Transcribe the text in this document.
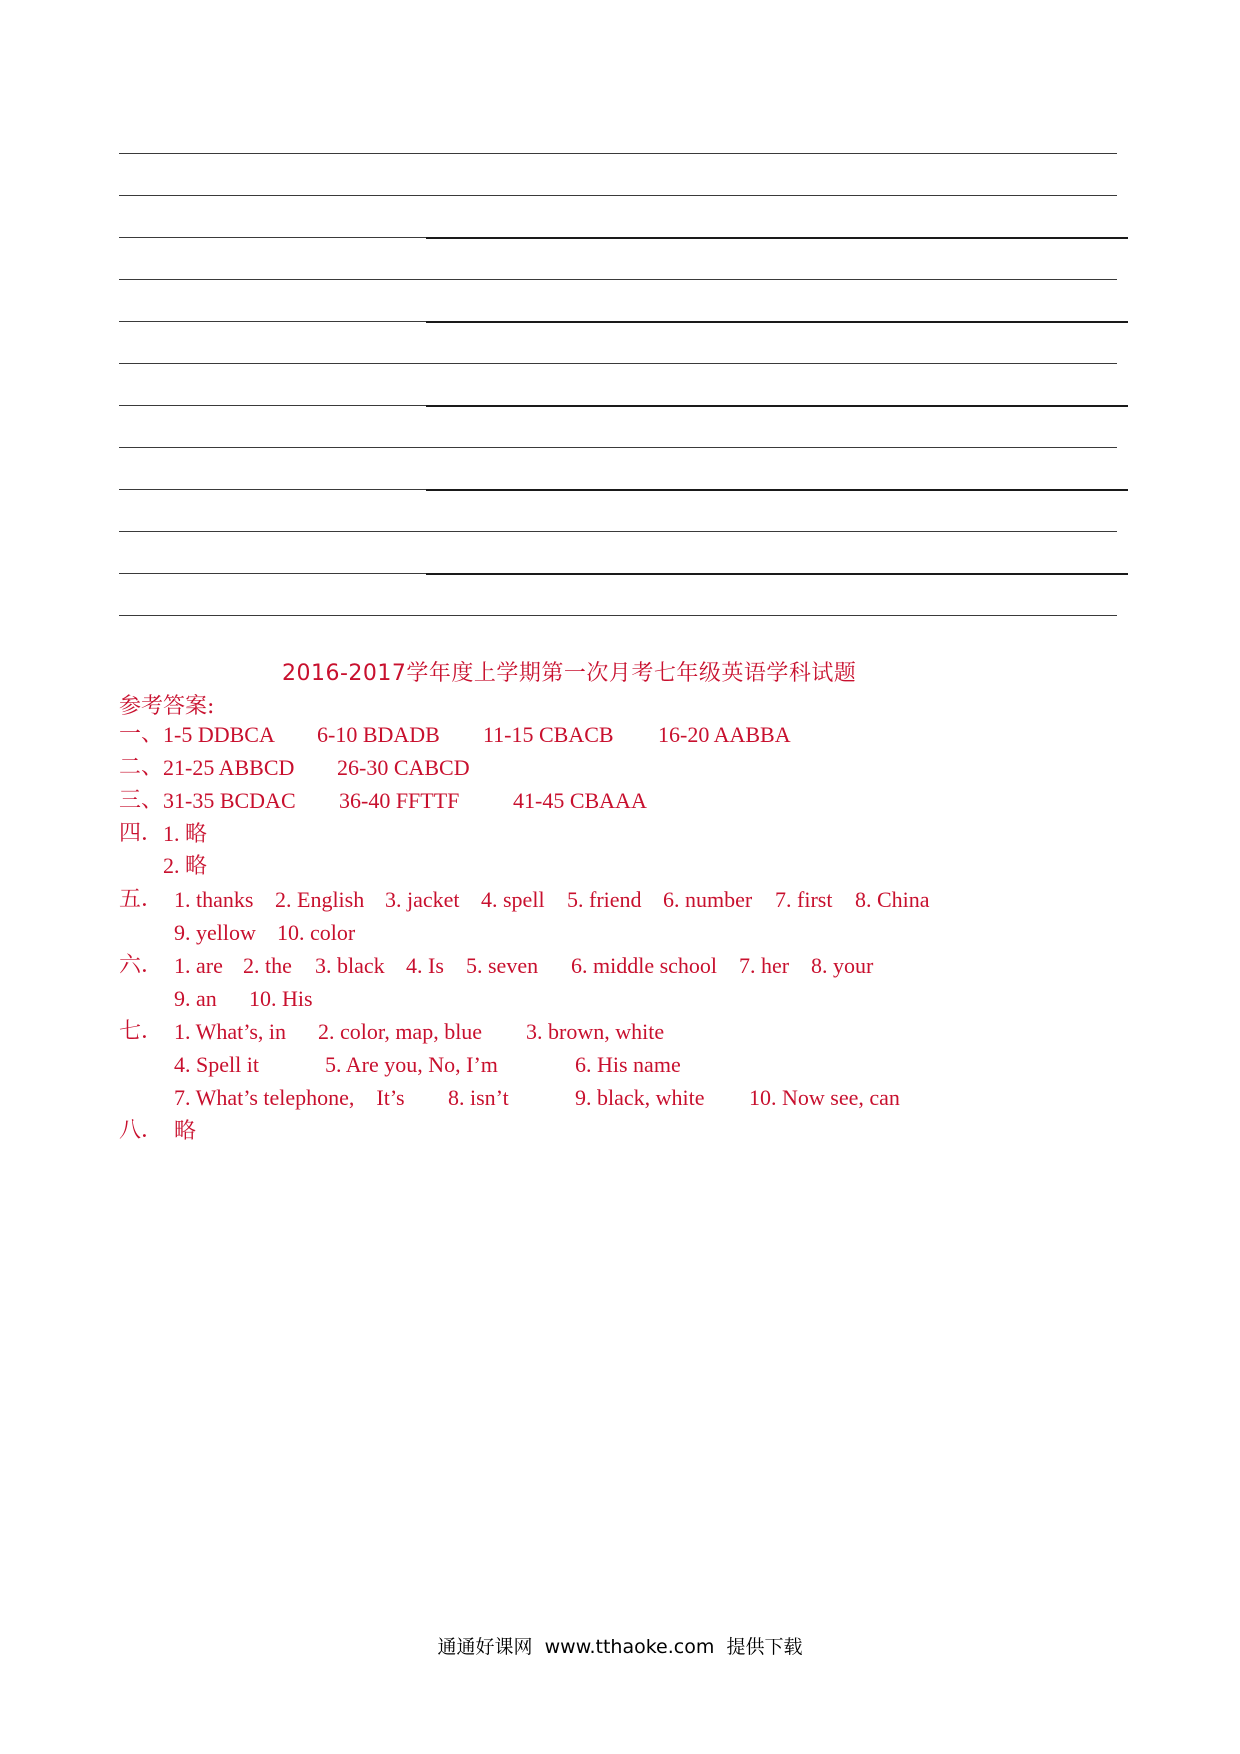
2016-2017学年度上学期第一次月考七年级英语学科试题
参考答案:
一、 1-5 DDBCA 6-10 BDADB 11-15 CBACB 16-20 AABBA
二、 21-25 ABBCD 26-30 CABCD
三、 31-35 BCDAC 36-40 FFTTF 41-45 CBAAA
四． 1. 略
2. 略
五． 1. thanks 2. English 3. jacket 4. spell 5. friend 6. number 7. first 8. China
9. yellow 10. color
六． 1. are 2. the 3. black 4. Is 5. seven 6. middle school 7. her 8. your
9. an 10. His
七． 1. What’s, in 2. color, map, blue 3. brown, white
4. Spell it	5. Are you, No, I’m	6. His name
7. What’s telephone,    It’s 8. isn’t	9. black, white 10. Now see, can
八． 略
通通好课网  www.tthaoke.com  提供下载
